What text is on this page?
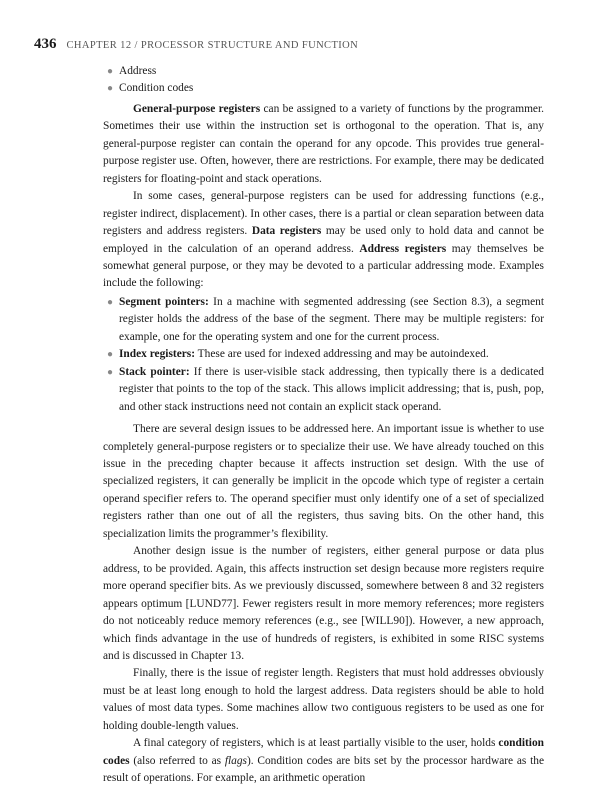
436 CHAPTER 12 / PROCESSOR STRUCTURE AND FUNCTION
● Address
● Condition codes

General-purpose registers can be assigned to a variety of functions by the programmer. Sometimes their use within the instruction set is orthogonal to the operation. That is, any general-purpose register can contain the operand for any opcode. This provides true general-purpose register use. Often, however, there are restrictions. For example, there may be dedicated registers for floating-point and stack operations.

In some cases, general-purpose registers can be used for addressing functions (e.g., register indirect, displacement). In other cases, there is a partial or clean separation between data registers and address registers. Data registers may be used only to hold data and cannot be employed in the calculation of an operand address. Address registers may themselves be somewhat general purpose, or they may be devoted to a particular addressing mode. Examples include the following:

● Segment pointers: In a machine with segmented addressing (see Section 8.3), a segment register holds the address of the base of the segment. There may be multiple registers: for example, one for the operating system and one for the current process.
● Index registers: These are used for indexed addressing and may be autoindexed.
● Stack pointer: If there is user-visible stack addressing, then typically there is a dedicated register that points to the top of the stack. This allows implicit addressing; that is, push, pop, and other stack instructions need not contain an explicit stack operand.

There are several design issues to be addressed here. An important issue is whether to use completely general-purpose registers or to specialize their use. We have already touched on this issue in the preceding chapter because it affects instruction set design. With the use of specialized registers, it can generally be implicit in the opcode which type of register a certain operand specifier refers to. The operand specifier must only identify one of a set of specialized registers rather than one out of all the registers, thus saving bits. On the other hand, this specialization limits the programmer’s flexibility.

Another design issue is the number of registers, either general purpose or data plus address, to be provided. Again, this affects instruction set design because more registers require more operand specifier bits. As we previously discussed, somewhere between 8 and 32 registers appears optimum [LUND77]. Fewer registers result in more memory references; more registers do not noticeably reduce memory references (e.g., see [WILL90]). However, a new approach, which finds advantage in the use of hundreds of registers, is exhibited in some RISC systems and is discussed in Chapter 13.

Finally, there is the issue of register length. Registers that must hold addresses obviously must be at least long enough to hold the largest address. Data registers should be able to hold values of most data types. Some machines allow two contiguous registers to be used as one for holding double-length values.

A final category of registers, which is at least partially visible to the user, holds condition codes (also referred to as flags). Condition codes are bits set by the processor hardware as the result of operations. For example, an arithmetic operation
